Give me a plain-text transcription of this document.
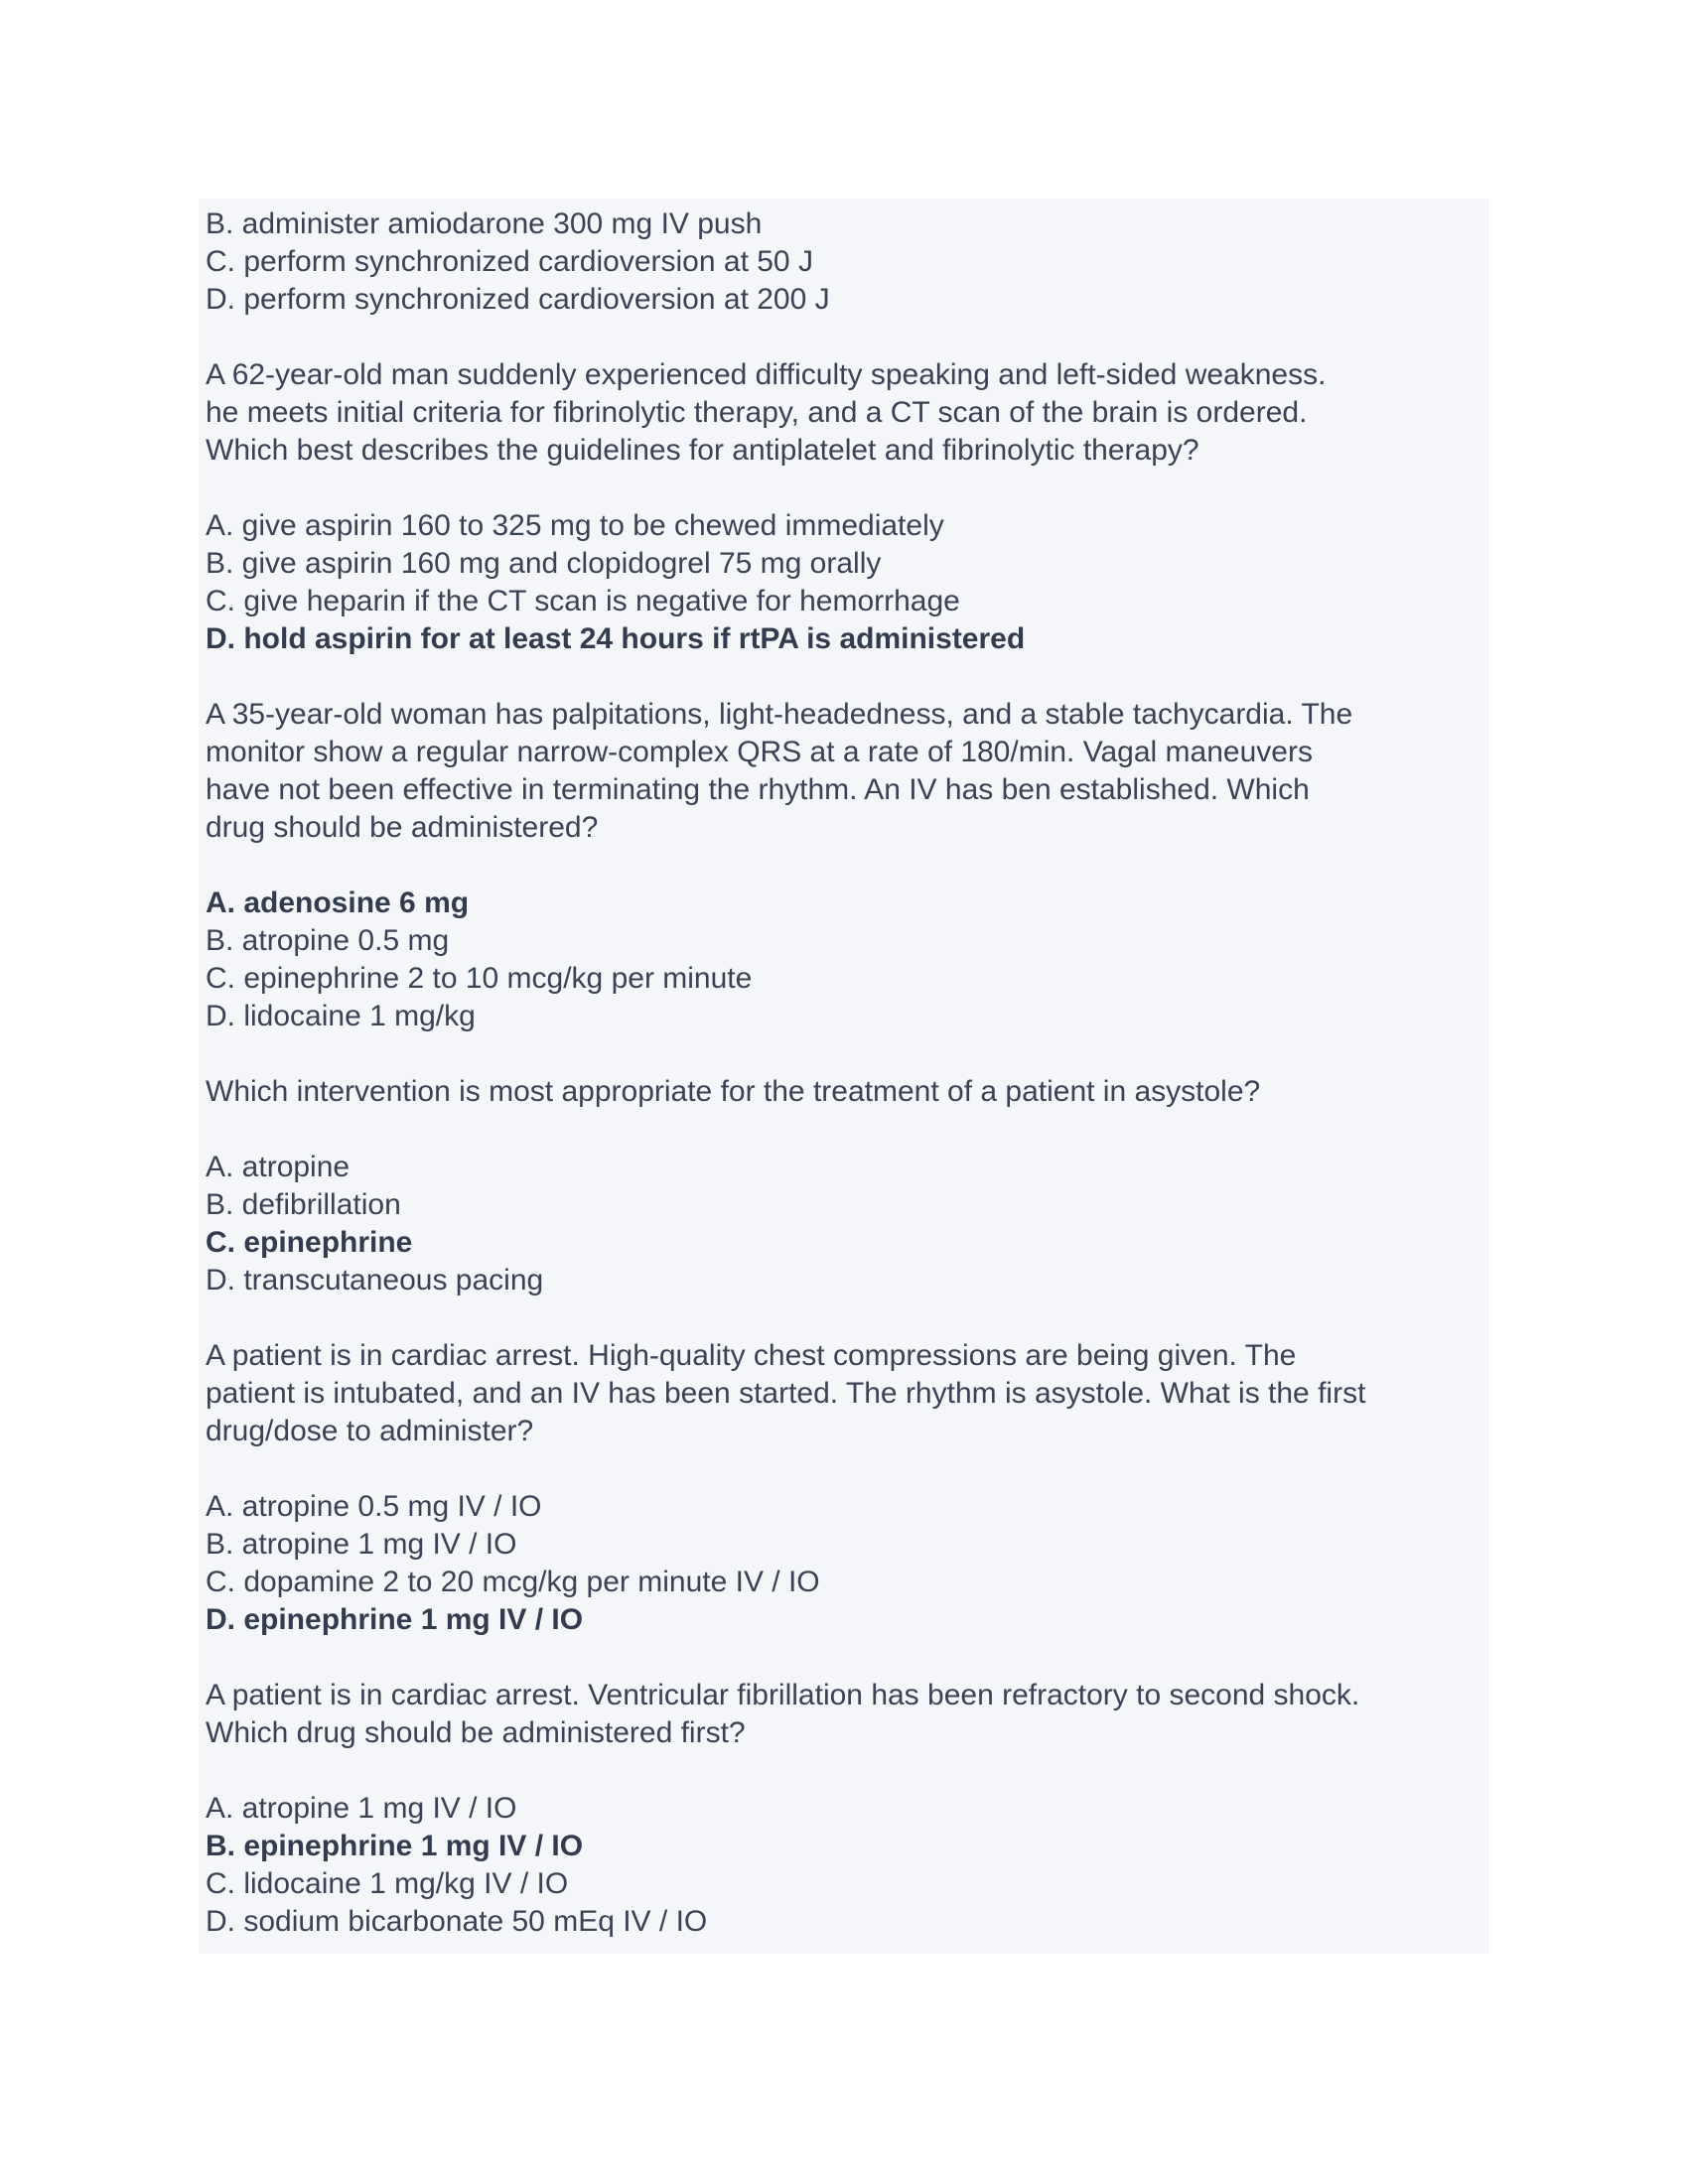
B. administer amiodarone 300 mg IV push
C. perform synchronized cardioversion at 50 J
D. perform synchronized cardioversion at 200 J
A 62-year-old man suddenly experienced difficulty speaking and left-sided weakness.
he meets initial criteria for fibrinolytic therapy, and a CT scan of the brain is ordered.
Which best describes the guidelines for antiplatelet and fibrinolytic therapy?
A. give aspirin 160 to 325 mg to be chewed immediately
B. give aspirin 160 mg and clopidogrel 75 mg orally
C. give heparin if the CT scan is negative for hemorrhage
D. hold aspirin for at least 24 hours if rtPA is administered
A 35-year-old woman has palpitations, light-headedness, and a stable tachycardia. The
monitor show a regular narrow-complex QRS at a rate of 180/min. Vagal maneuvers
have not been effective in terminating the rhythm. An IV has ben established. Which
drug should be administered?
A. adenosine 6 mg
B. atropine 0.5 mg
C. epinephrine 2 to 10 mcg/kg per minute
D. lidocaine 1 mg/kg
Which intervention is most appropriate for the treatment of a patient in asystole?
A. atropine
B. defibrillation
C. epinephrine
D. transcutaneous pacing
A patient is in cardiac arrest. High-quality chest compressions are being given. The
patient is intubated, and an IV has been started. The rhythm is asystole. What is the first
drug/dose to administer?
A. atropine 0.5 mg IV / IO
B. atropine 1 mg IV / IO
C. dopamine 2 to 20 mcg/kg per minute IV / IO
D. epinephrine 1 mg IV / IO
A patient is in cardiac arrest. Ventricular fibrillation has been refractory to second shock.
Which drug should be administered first?
A. atropine 1 mg IV / IO
B. epinephrine 1 mg IV / IO
C. lidocaine 1 mg/kg IV / IO
D. sodium bicarbonate 50 mEq IV / IO
